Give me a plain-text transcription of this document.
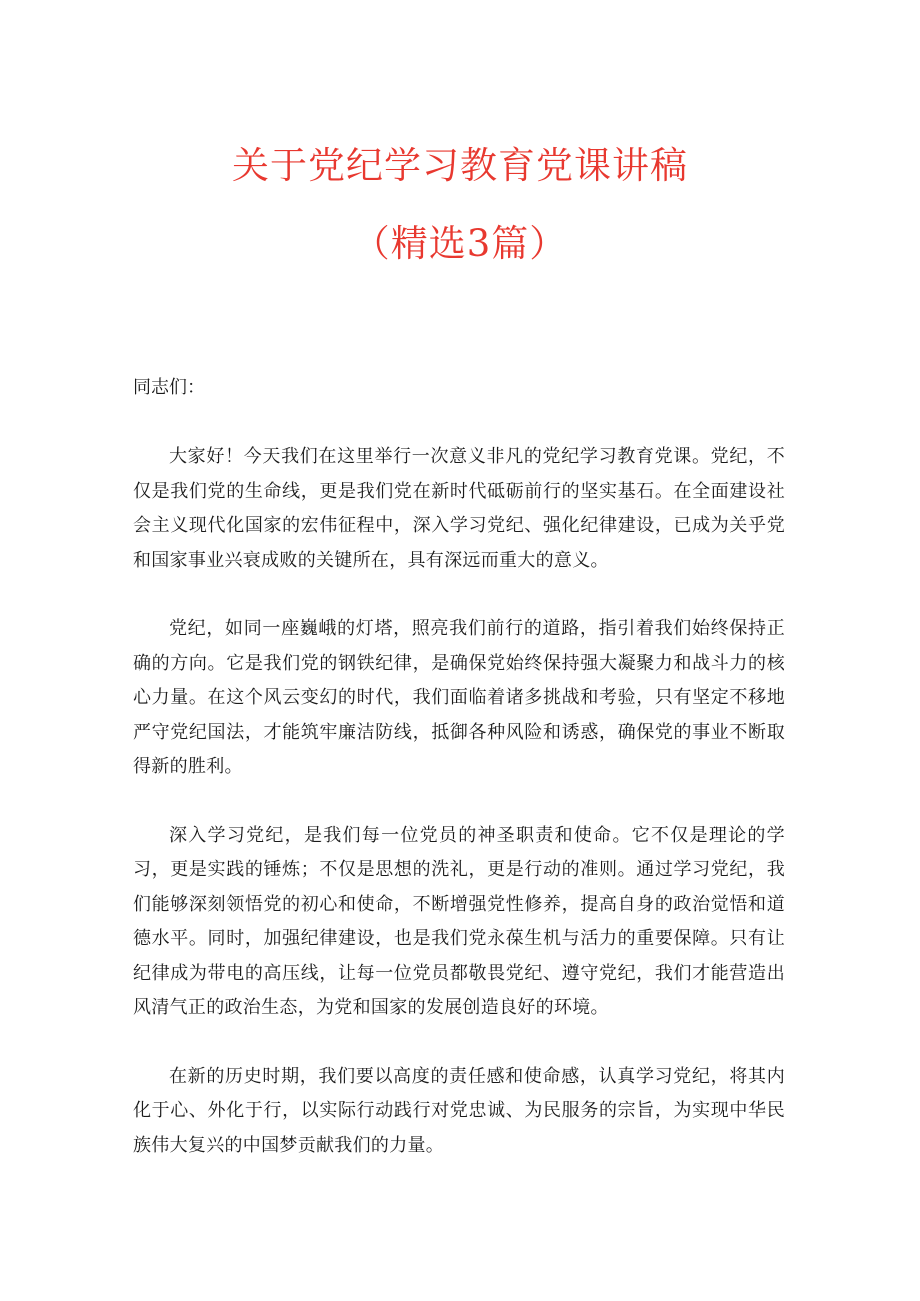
关于党纪学习教育党课讲稿
（精选3篇）
同志们：

大家好！今天我们在这里举行一次意义非凡的党纪学习教育党课。党纪，不仅是我们党的生命线，更是我们党在新时代砥砺前行的坚实基石。在全面建设社会主义现代化国家的宏伟征程中，深入学习党纪、强化纪律建设，已成为关乎党和国家事业兴衰成败的关键所在，具有深远而重大的意义。

党纪，如同一座巍峨的灯塔，照亮我们前行的道路，指引着我们始终保持正确的方向。它是我们党的钢铁纪律，是确保党始终保持强大凝聚力和战斗力的核心力量。在这个风云变幻的时代，我们面临着诸多挑战和考验，只有坚定不移地严守党纪国法，才能筑牢廉洁防线，抵御各种风险和诱惑，确保党的事业不断取得新的胜利。

深入学习党纪，是我们每一位党员的神圣职责和使命。它不仅是理论的学习，更是实践的锤炼；不仅是思想的洗礼，更是行动的准则。通过学习党纪，我们能够深刻领悟党的初心和使命，不断增强党性修养，提高自身的政治觉悟和道德水平。同时，加强纪律建设，也是我们党永葆生机与活力的重要保障。只有让纪律成为带电的高压线，让每一位党员都敬畏党纪、遵守党纪，我们才能营造出风清气正的政治生态，为党和国家的发展创造良好的环境。

在新的历史时期，我们要以高度的责任感和使命感，认真学习党纪，将其内化于心、外化于行，以实际行动践行对党忠诚、为民服务的宗旨，为实现中华民族伟大复兴的中国梦贡献我们的力量。
